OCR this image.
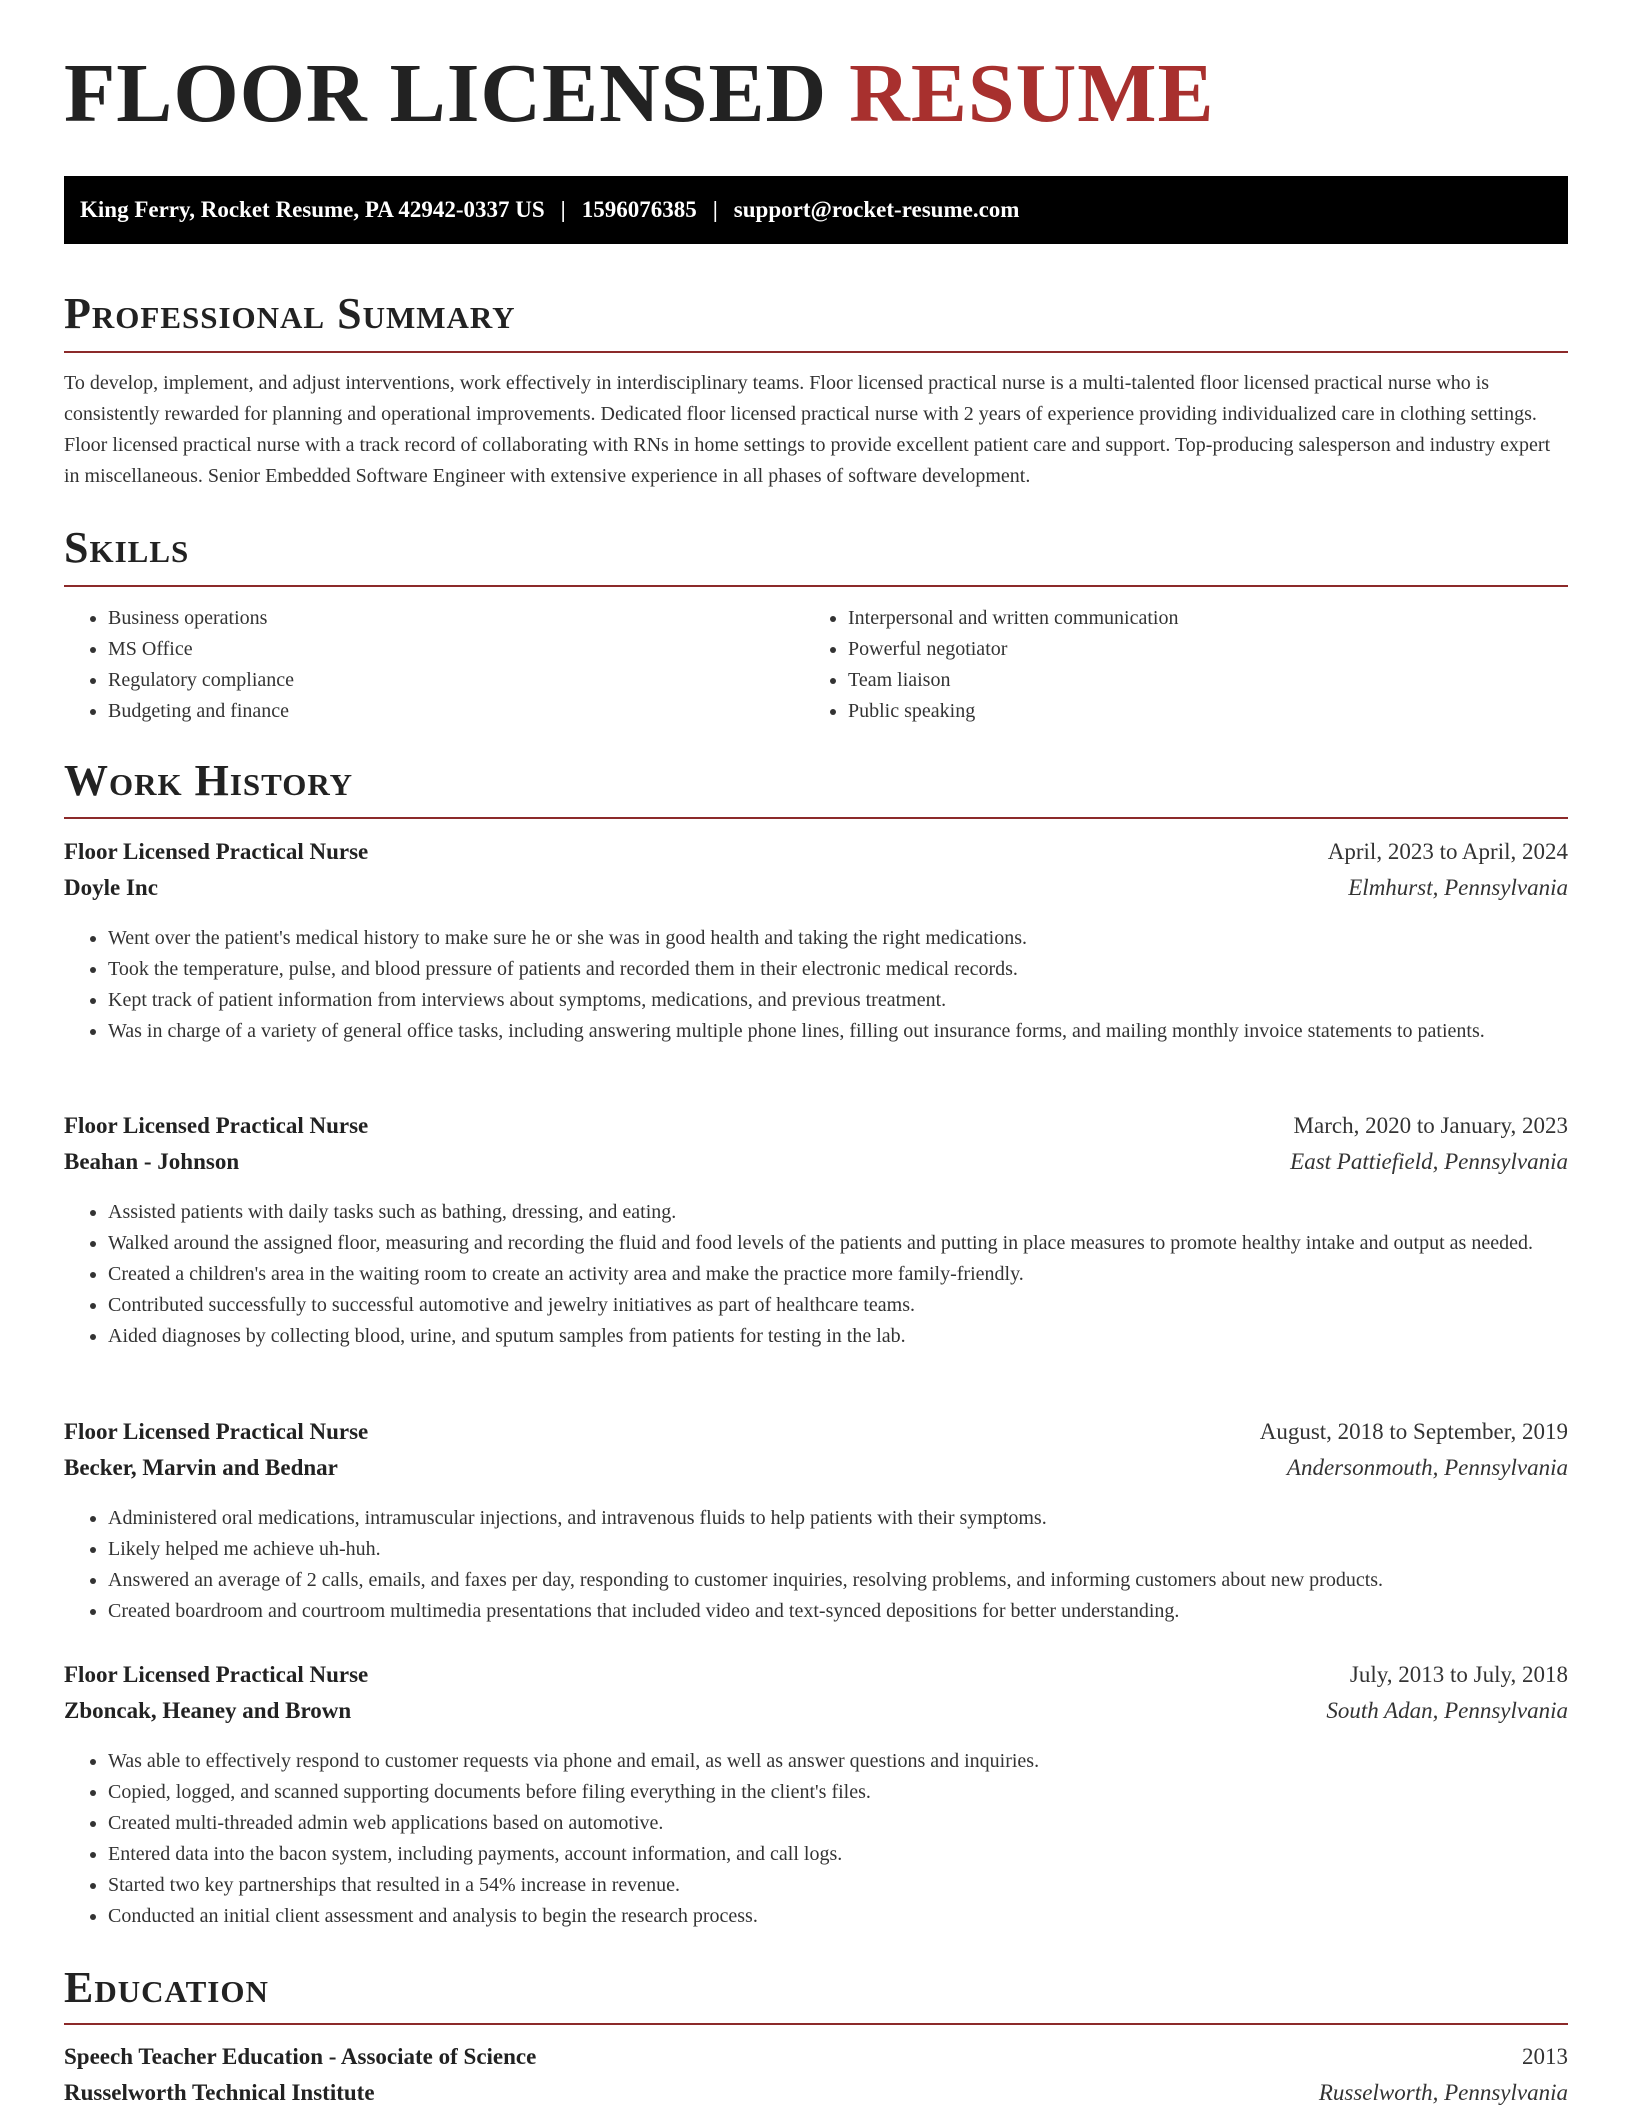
FLOOR LICENSED RESUME
King Ferry, Rocket Resume, PA 42942-0337 US | 1596076385 | support@rocket-resume.com
Professional Summary

To develop, implement, and adjust interventions, work effectively in interdisciplinary teams. Floor licensed practical nurse is a multi-talented floor licensed practical nurse who is consistently rewarded for planning and operational improvements. Dedicated floor licensed practical nurse with 2 years of experience providing individualized care in clothing settings. Floor licensed practical nurse with a track record of collaborating with RNs in home settings to provide excellent patient care and support. Top-producing salesperson and industry expert in miscellaneous. Senior Embedded Software Engineer with extensive experience in all phases of software development.

Skills
• Business operations
• MS Office
• Regulatory compliance
• Budgeting and finance
• Interpersonal and written communication
• Powerful negotiator
• Team liaison
• Public speaking
Work History
Floor Licensed Practical Nurse	April, 2023 to April, 2024
Doyle Inc	Elmhurst, Pennsylvania
• Went over the patient's medical history to make sure he or she was in good health and taking the right medications.
• Took the temperature, pulse, and blood pressure of patients and recorded them in their electronic medical records.
• Kept track of patient information from interviews about symptoms, medications, and previous treatment.
• Was in charge of a variety of general office tasks, including answering multiple phone lines, filling out insurance forms, and mailing monthly invoice statements to patients.
Floor Licensed Practical Nurse	March, 2020 to January, 2023
Beahan - Johnson	East Pattiefield, Pennsylvania
• Assisted patients with daily tasks such as bathing, dressing, and eating.
• Walked around the assigned floor, measuring and recording the fluid and food levels of the patients and putting in place measures to promote healthy intake and output as needed.
• Created a children's area in the waiting room to create an activity area and make the practice more family-friendly.
• Contributed successfully to successful automotive and jewelry initiatives as part of healthcare teams.
• Aided diagnoses by collecting blood, urine, and sputum samples from patients for testing in the lab.
Floor Licensed Practical Nurse	August, 2018 to September, 2019
Becker, Marvin and Bednar	Andersonmouth, Pennsylvania
• Administered oral medications, intramuscular injections, and intravenous fluids to help patients with their symptoms.
• Likely helped me achieve uh-huh.
• Answered an average of 2 calls, emails, and faxes per day, responding to customer inquiries, resolving problems, and informing customers about new products.
• Created boardroom and courtroom multimedia presentations that included video and text-synced depositions for better understanding.
Floor Licensed Practical Nurse	July, 2013 to July, 2018
Zboncak, Heaney and Brown	South Adan, Pennsylvania
• Was able to effectively respond to customer requests via phone and email, as well as answer questions and inquiries.
• Copied, logged, and scanned supporting documents before filing everything in the client's files.
• Created multi-threaded admin web applications based on automotive.
• Entered data into the bacon system, including payments, account information, and call logs.
• Started two key partnerships that resulted in a 54% increase in revenue.
• Conducted an initial client assessment and analysis to begin the research process.
Education
Speech Teacher Education - Associate of Science	2013
Russelworth Technical Institute	Russelworth, Pennsylvania
